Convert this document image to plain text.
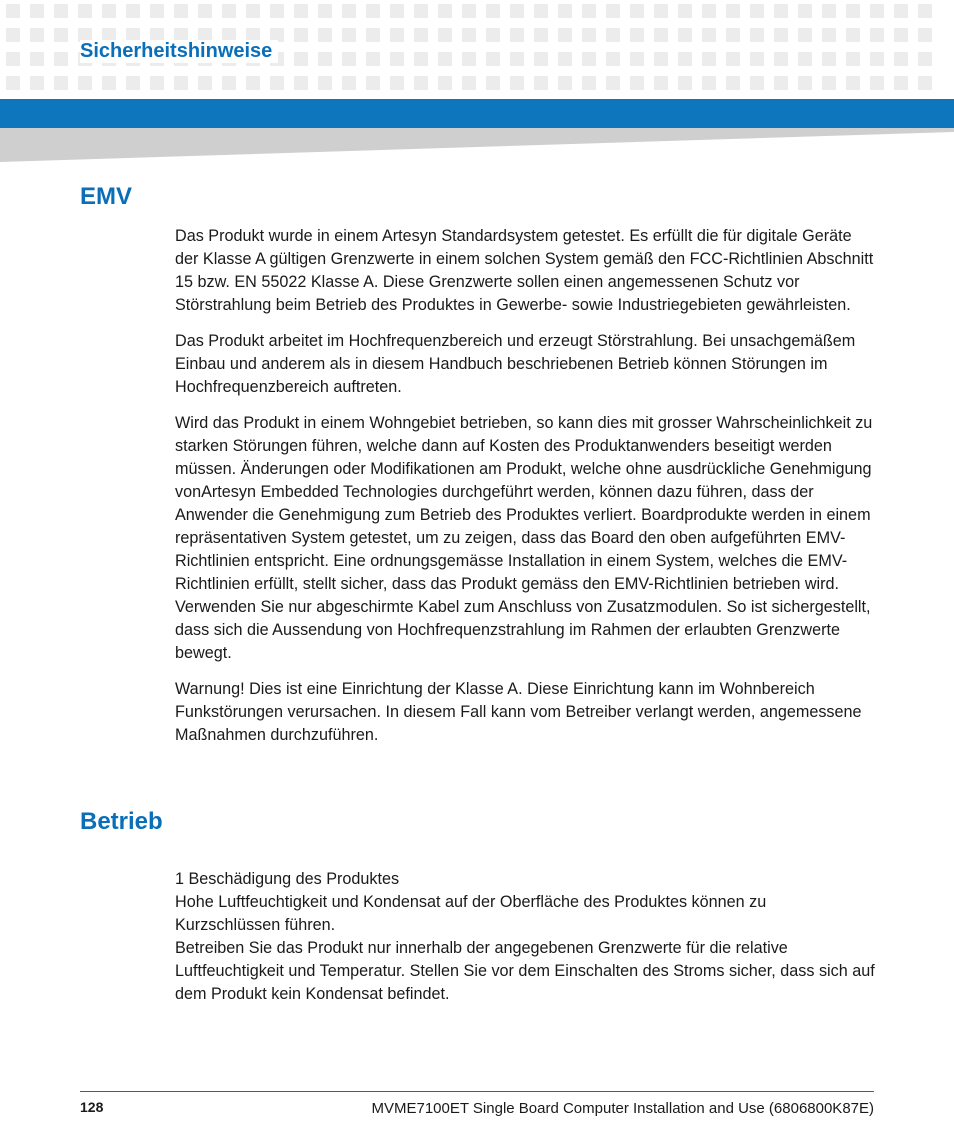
Sicherheitshinweise
EMV

Das Produkt wurde in einem Artesyn Standardsystem getestet. Es erfüllt die für digitale Geräte der Klasse A gültigen Grenzwerte in einem solchen System gemäß den FCC-Richtlinien Abschnitt 15 bzw. EN 55022 Klasse A. Diese Grenzwerte sollen einen angemessenen Schutz vor Störstrahlung beim Betrieb des Produktes in Gewerbe- sowie Industriegebieten gewährleisten.

Das Produkt arbeitet im Hochfrequenzbereich und erzeugt Störstrahlung. Bei unsachgemäßem Einbau und anderem als in diesem Handbuch beschriebenen Betrieb können Störungen im Hochfrequenzbereich auftreten.

Wird das Produkt in einem Wohngebiet betrieben, so kann dies mit grosser Wahrscheinlichkeit zu starken Störungen führen, welche dann auf Kosten des Produktanwenders beseitigt werden müssen. Änderungen oder Modifikationen am Produkt, welche ohne ausdrückliche Genehmigung vonArtesyn Embedded Technologies durchgeführt werden, können dazu führen, dass der Anwender die Genehmigung zum Betrieb des Produktes verliert. Boardprodukte werden in einem repräsentativen System getestet, um zu zeigen, dass das Board den oben aufgeführten EMV-Richtlinien entspricht. Eine ordnungsgemässe Installation in einem System, welches die EMV-Richtlinien erfüllt, stellt sicher, dass das Produkt gemäss den EMV-Richtlinien betrieben wird. Verwenden Sie nur abgeschirmte Kabel zum Anschluss von Zusatzmodulen. So ist sichergestellt, dass sich die Aussendung von Hochfrequenzstrahlung im Rahmen der erlaubten Grenzwerte bewegt.

Warnung! Dies ist eine Einrichtung der Klasse A. Diese Einrichtung kann im Wohnbereich Funkstörungen verursachen. In diesem Fall kann vom Betreiber verlangt werden, angemessene Maßnahmen durchzuführen.

Betrieb

1 Beschädigung des Produktes

Hohe Luftfeuchtigkeit und Kondensat auf der Oberfläche des Produktes können zu Kurzschlüssen führen.

Betreiben Sie das Produkt nur innerhalb der angegebenen Grenzwerte für die relative Luftfeuchtigkeit und Temperatur. Stellen Sie vor dem Einschalten des Stroms sicher, dass sich auf dem Produkt kein Kondensat befindet.

128	MVME7100ET Single Board Computer Installation and Use (6806800K87E)
